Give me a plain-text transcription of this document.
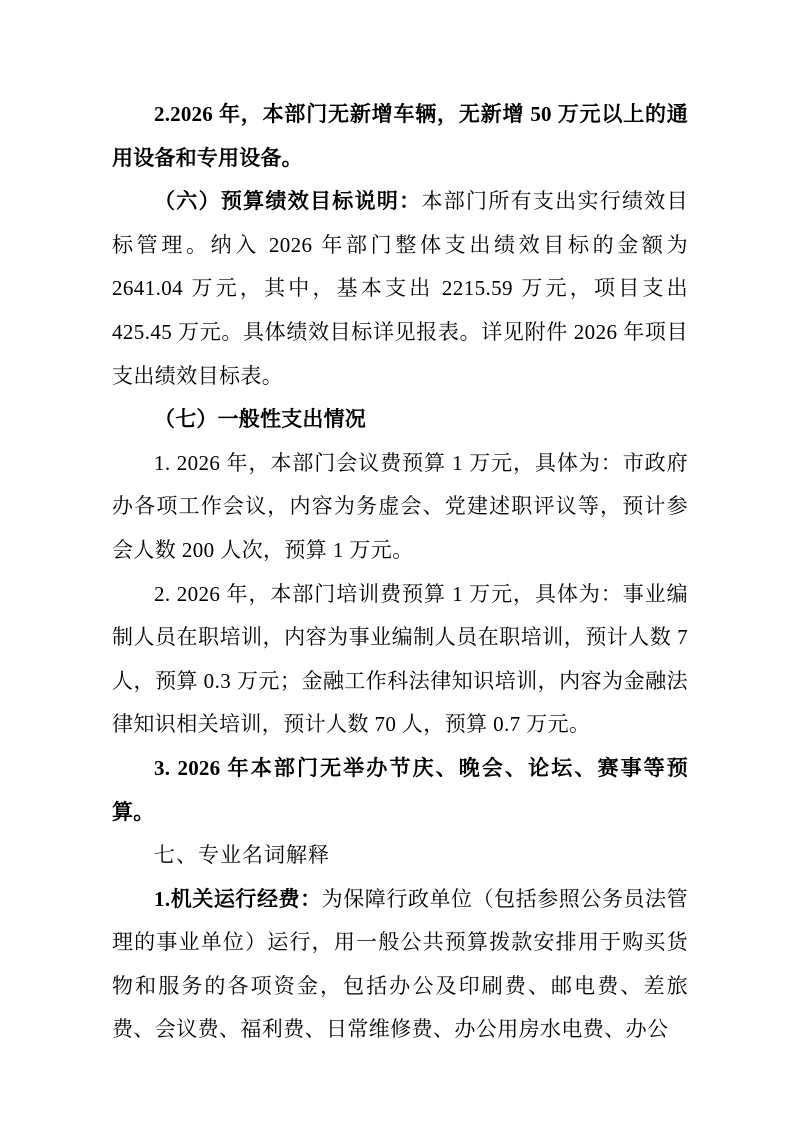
2.2026 年，本部门无新增车辆，无新增 50 万元以上的通用设备和专用设备。

（六）预算绩效目标说明：本部门所有支出实行绩效目标管理。纳入 2026 年部门整体支出绩效目标的金额为 2641.04 万元，其中，基本支出 2215.59 万元，项目支出 425.45 万元。具体绩效目标详见报表。详见附件 2026 年项目支出绩效目标表。

（七）一般性支出情况

1. 2026 年，本部门会议费预算 1 万元，具体为：市政府办各项工作会议，内容为务虚会、党建述职评议等，预计参会人数 200 人次，预算 1 万元。

2. 2026 年，本部门培训费预算 1 万元，具体为：事业编制人员在职培训，内容为事业编制人员在职培训，预计人数 7 人，预算 0.3 万元；金融工作科法律知识培训，内容为金融法律知识相关培训，预计人数 70 人，预算 0.7 万元。

3. 2026 年本部门无举办节庆、晚会、论坛、赛事等预算。

七、专业名词解释

1.机关运行经费：为保障行政单位（包括参照公务员法管理的事业单位）运行，用一般公共预算拨款安排用于购买货物和服务的各项资金，包括办公及印刷费、邮电费、差旅费、会议费、福利费、日常维修费、办公用房水电费、办公
